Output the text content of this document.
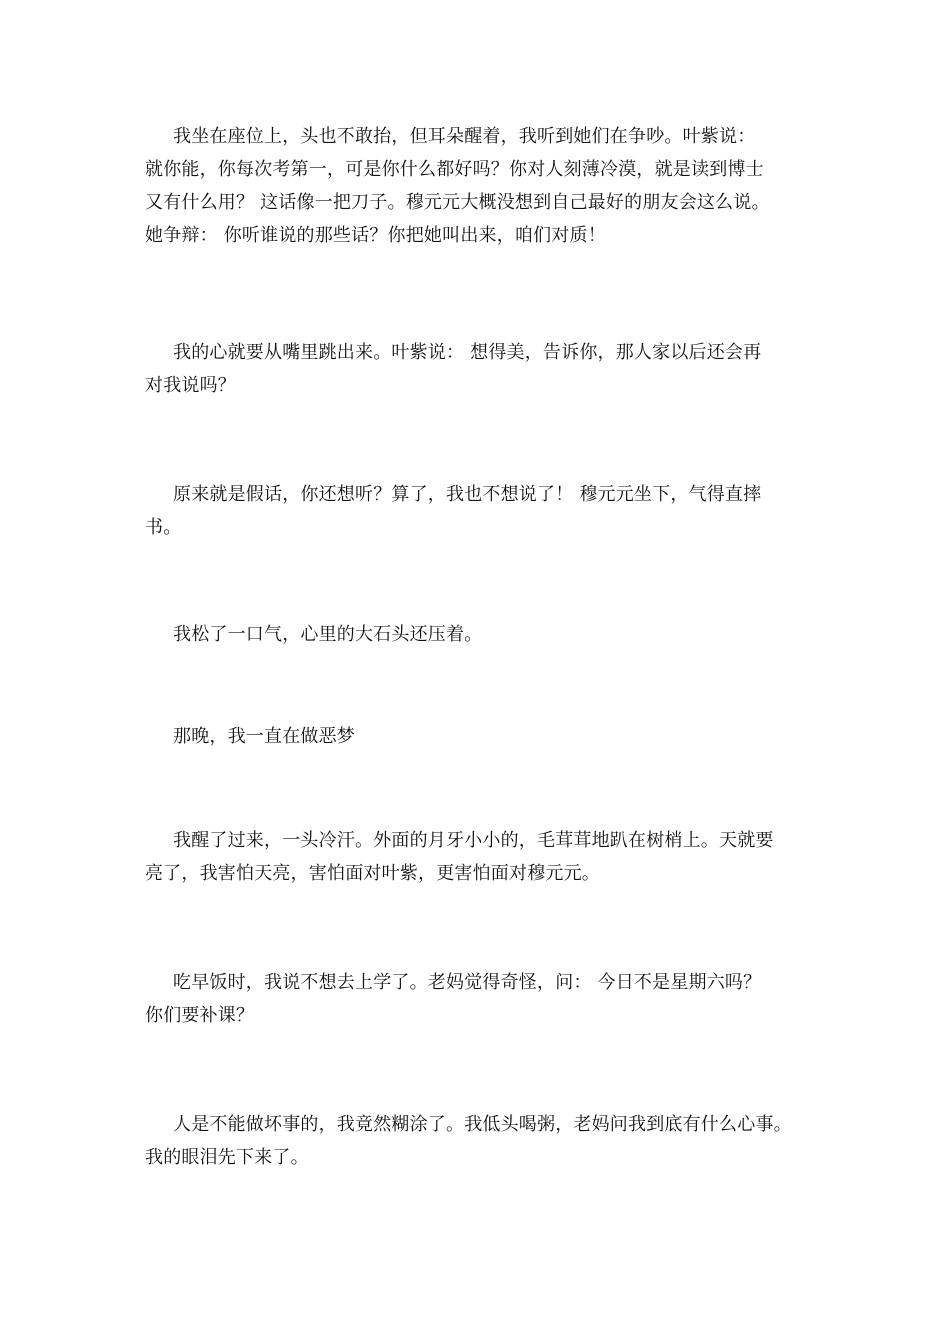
我坐在座位上，头也不敢抬，但耳朵醒着，我听到她们在争吵。叶紫说：
就你能，你每次考第一，可是你什么都好吗？你对人刻薄冷漠，就是读到博士
又有什么用？ 这话像一把刀子。穆元元大概没想到自己最好的朋友会这么说。
她争辩： 你听谁说的那些话？你把她叫出来，咱们对质！

我的心就要从嘴里跳出来。叶紫说： 想得美，告诉你，那人家以后还会再
对我说吗？

原来就是假话，你还想听？算了，我也不想说了！ 穆元元坐下，气得直摔
书。

我松了一口气，心里的大石头还压着。

那晚，我一直在做恶梦

我醒了过来，一头冷汗。外面的月牙小小的，毛茸茸地趴在树梢上。天就要
亮了，我害怕天亮，害怕面对叶紫，更害怕面对穆元元。

吃早饭时，我说不想去上学了。老妈觉得奇怪，问： 今日不是星期六吗？
你们要补课？

人是不能做坏事的，我竟然糊涂了。我低头喝粥，老妈问我到底有什么心事。
我的眼泪先下来了。
